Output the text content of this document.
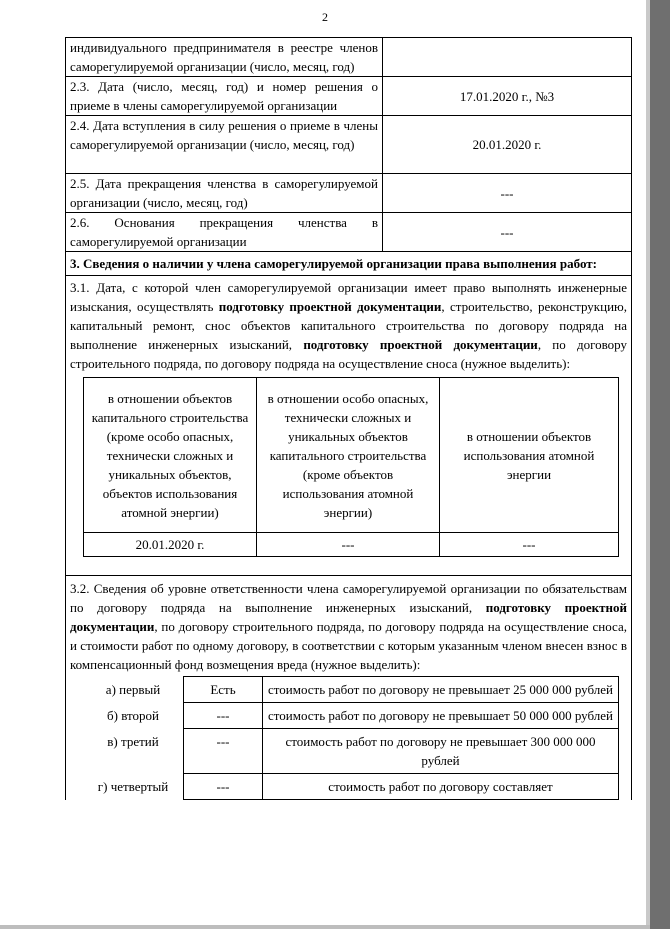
2
индивидуального предпринимателя в реестре членов саморегулируемой организации (число, месяц, год)	
2.3. Дата (число, месяц, год) и номер решения о приеме в члены саморегулируемой организации	17.01.2020 г., №3
2.4. Дата вступления в силу решения о приеме в члены саморегулируемой организации (число, месяц, год)	20.01.2020 г.
2.5. Дата прекращения членства в саморегулируемой организации (число, месяц, год)	---
2.6. Основания прекращения членства в саморегулируемой организации	---
3. Сведения о наличии у члена саморегулируемой организации права выполнения работ:

3.1. Дата, с которой член саморегулируемой организации имеет право выполнять инженерные изыскания, осуществлять подготовку проектной документации, строительство, реконструкцию, капитальный ремонт, снос объектов капитального строительства по договору подряда на выполнение инженерных изысканий, подготовку проектной документации, по договору строительного подряда, по договору подряда на осуществление сноса (нужное выделить):
в отношении объектов капитального строительства (кроме особо опасных, технически сложных и уникальных объектов, объектов использования атомной энергии)	в отношении особо опасных, технически сложных и уникальных объектов капитального строительства (кроме объектов использования атомной энергии)	в отношении объектов использования атомной энергии
20.01.2020 г.	---	---

3.2. Сведения об уровне ответственности члена саморегулируемой организации по обязательствам по договору подряда на выполнение инженерных изысканий, подготовку проектной документации, по договору строительного подряда, по договору подряда на осуществление сноса, и стоимости работ по одному договору, в соответствии с которым указанным членом внесен взнос в компенсационный фонд возмещения вреда (нужное выделить):
а) первый	Есть	стоимость работ по договору не превышает 25 000 000 рублей
б) второй	---	стоимость работ по договору не превышает 50 000 000 рублей
в) третий	---	стоимость работ по договору не превышает 300 000 000 рублей
г) четвертый	---	стоимость работ по договору составляет
